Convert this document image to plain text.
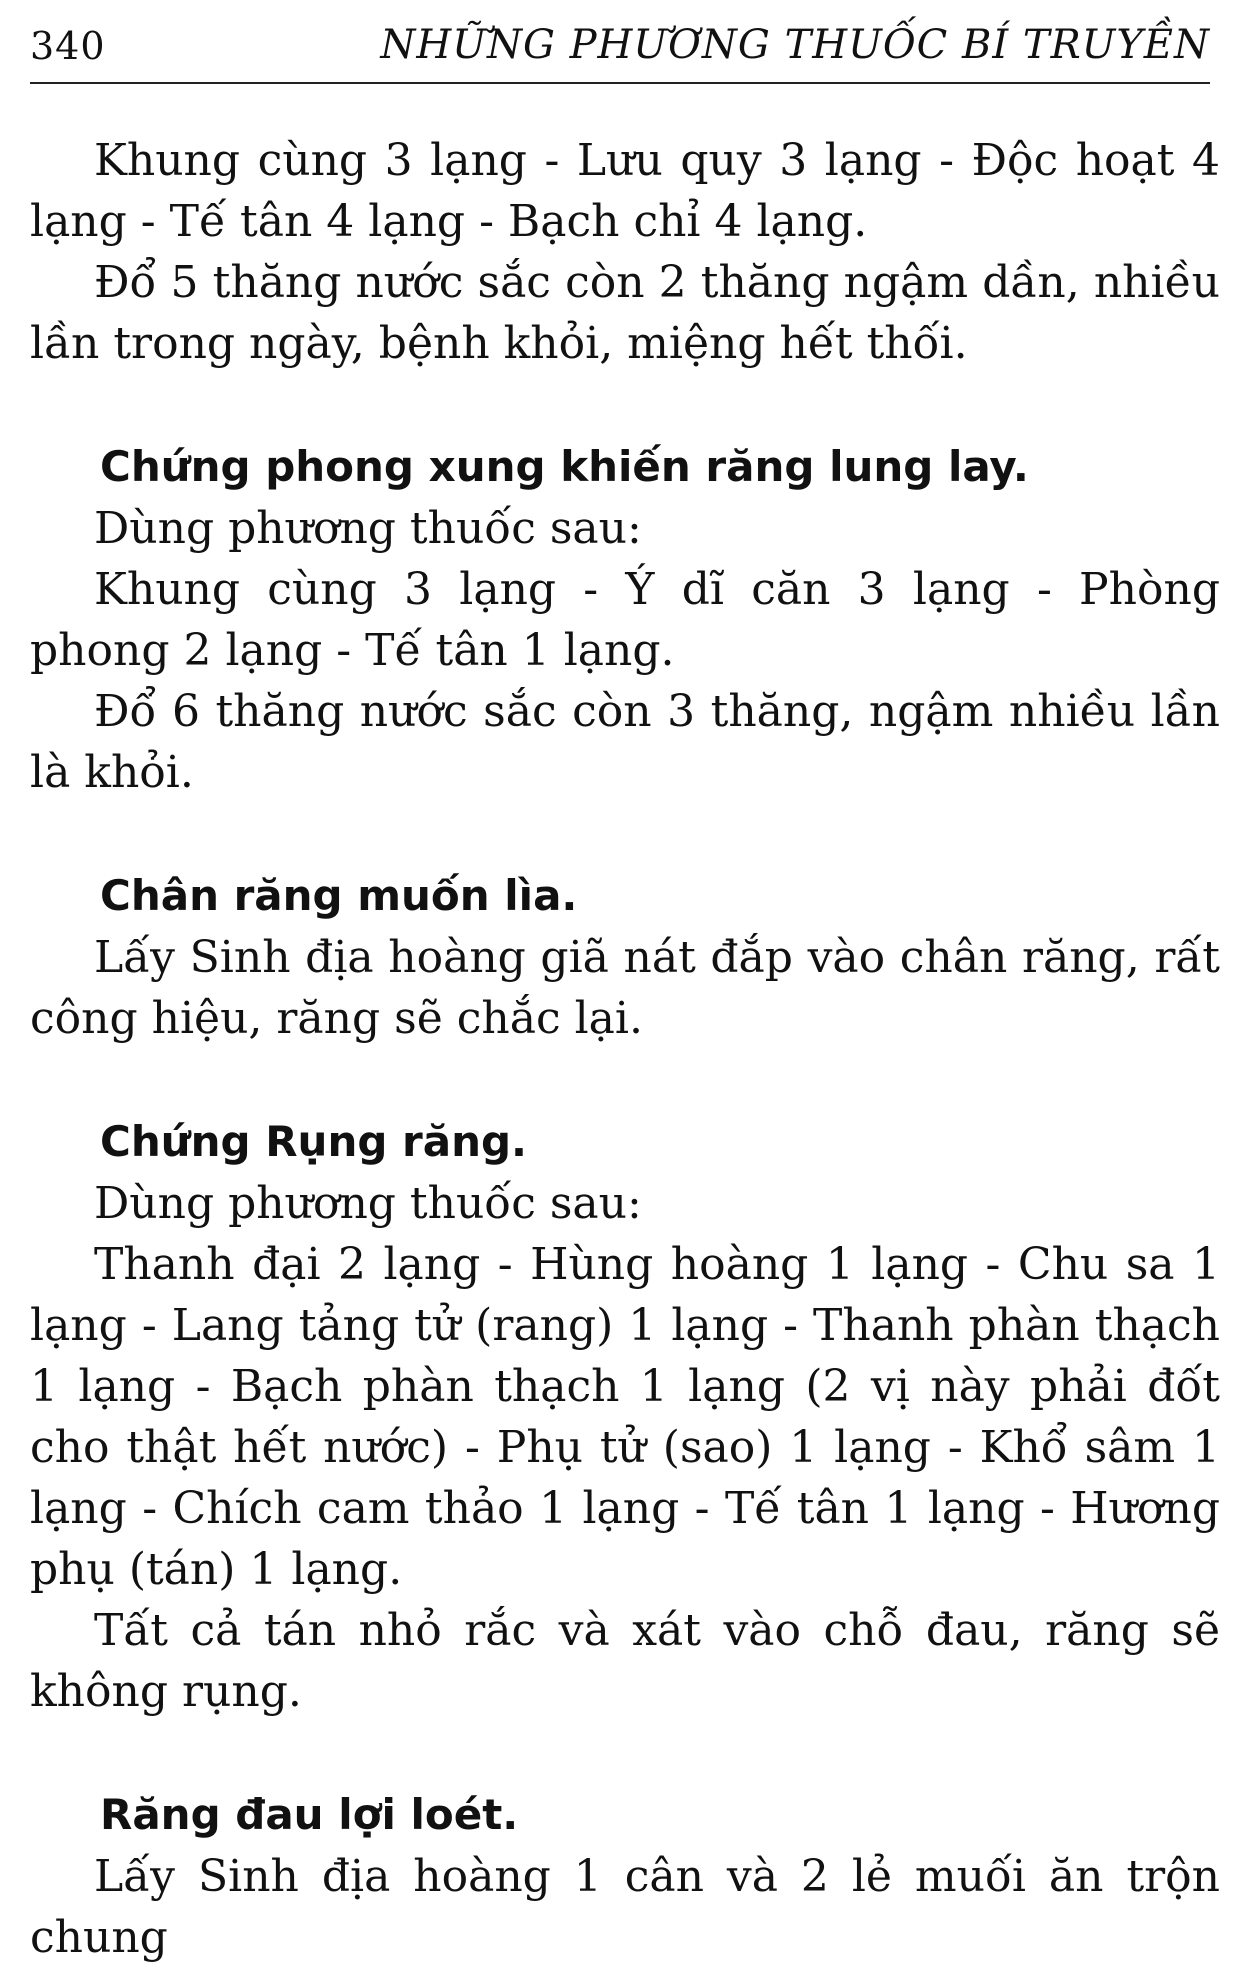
340	NHỮNG PHƯƠNG THUỐC BÍ TRUYỀN

Khung cùng 3 lạng - Lưu quy 3 lạng - Độc hoạt 4 lạng - Tế tân 4 lạng - Bạch chỉ 4 lạng.

Đổ 5 thăng nước sắc còn 2 thăng ngậm dần, nhiều lần trong ngày, bệnh khỏi, miệng hết thối.

Chứng phong xung khiến răng lung lay.

Dùng phương thuốc sau:

Khung cùng 3 lạng - Ý dĩ căn 3 lạng - Phòng phong 2 lạng - Tế tân 1 lạng.

Đổ 6 thăng nước sắc còn 3 thăng, ngậm nhiều lần là khỏi.

Chân răng muốn lìa.

Lấy Sinh địa hoàng giã nát đắp vào chân răng, rất công hiệu, răng sẽ chắc lại.

Chứng Rụng răng.

Dùng phương thuốc sau:

Thanh đại 2 lạng - Hùng hoàng 1 lạng - Chu sa 1 lạng - Lang tảng tử (rang) 1 lạng - Thanh phàn thạch 1 lạng - Bạch phàn thạch 1 lạng (2 vị này phải đốt cho thật hết nước) - Phụ tử (sao) 1 lạng - Khổ sâm 1 lạng - Chích cam thảo 1 lạng - Tế tân 1 lạng - Hương phụ (tán) 1 lạng.

Tất cả tán nhỏ rắc và xát vào chỗ đau, răng sẽ không rụng.

Răng đau lợi loét.

Lấy Sinh địa hoàng 1 cân và 2 lẻ muối ăn trộn chung
